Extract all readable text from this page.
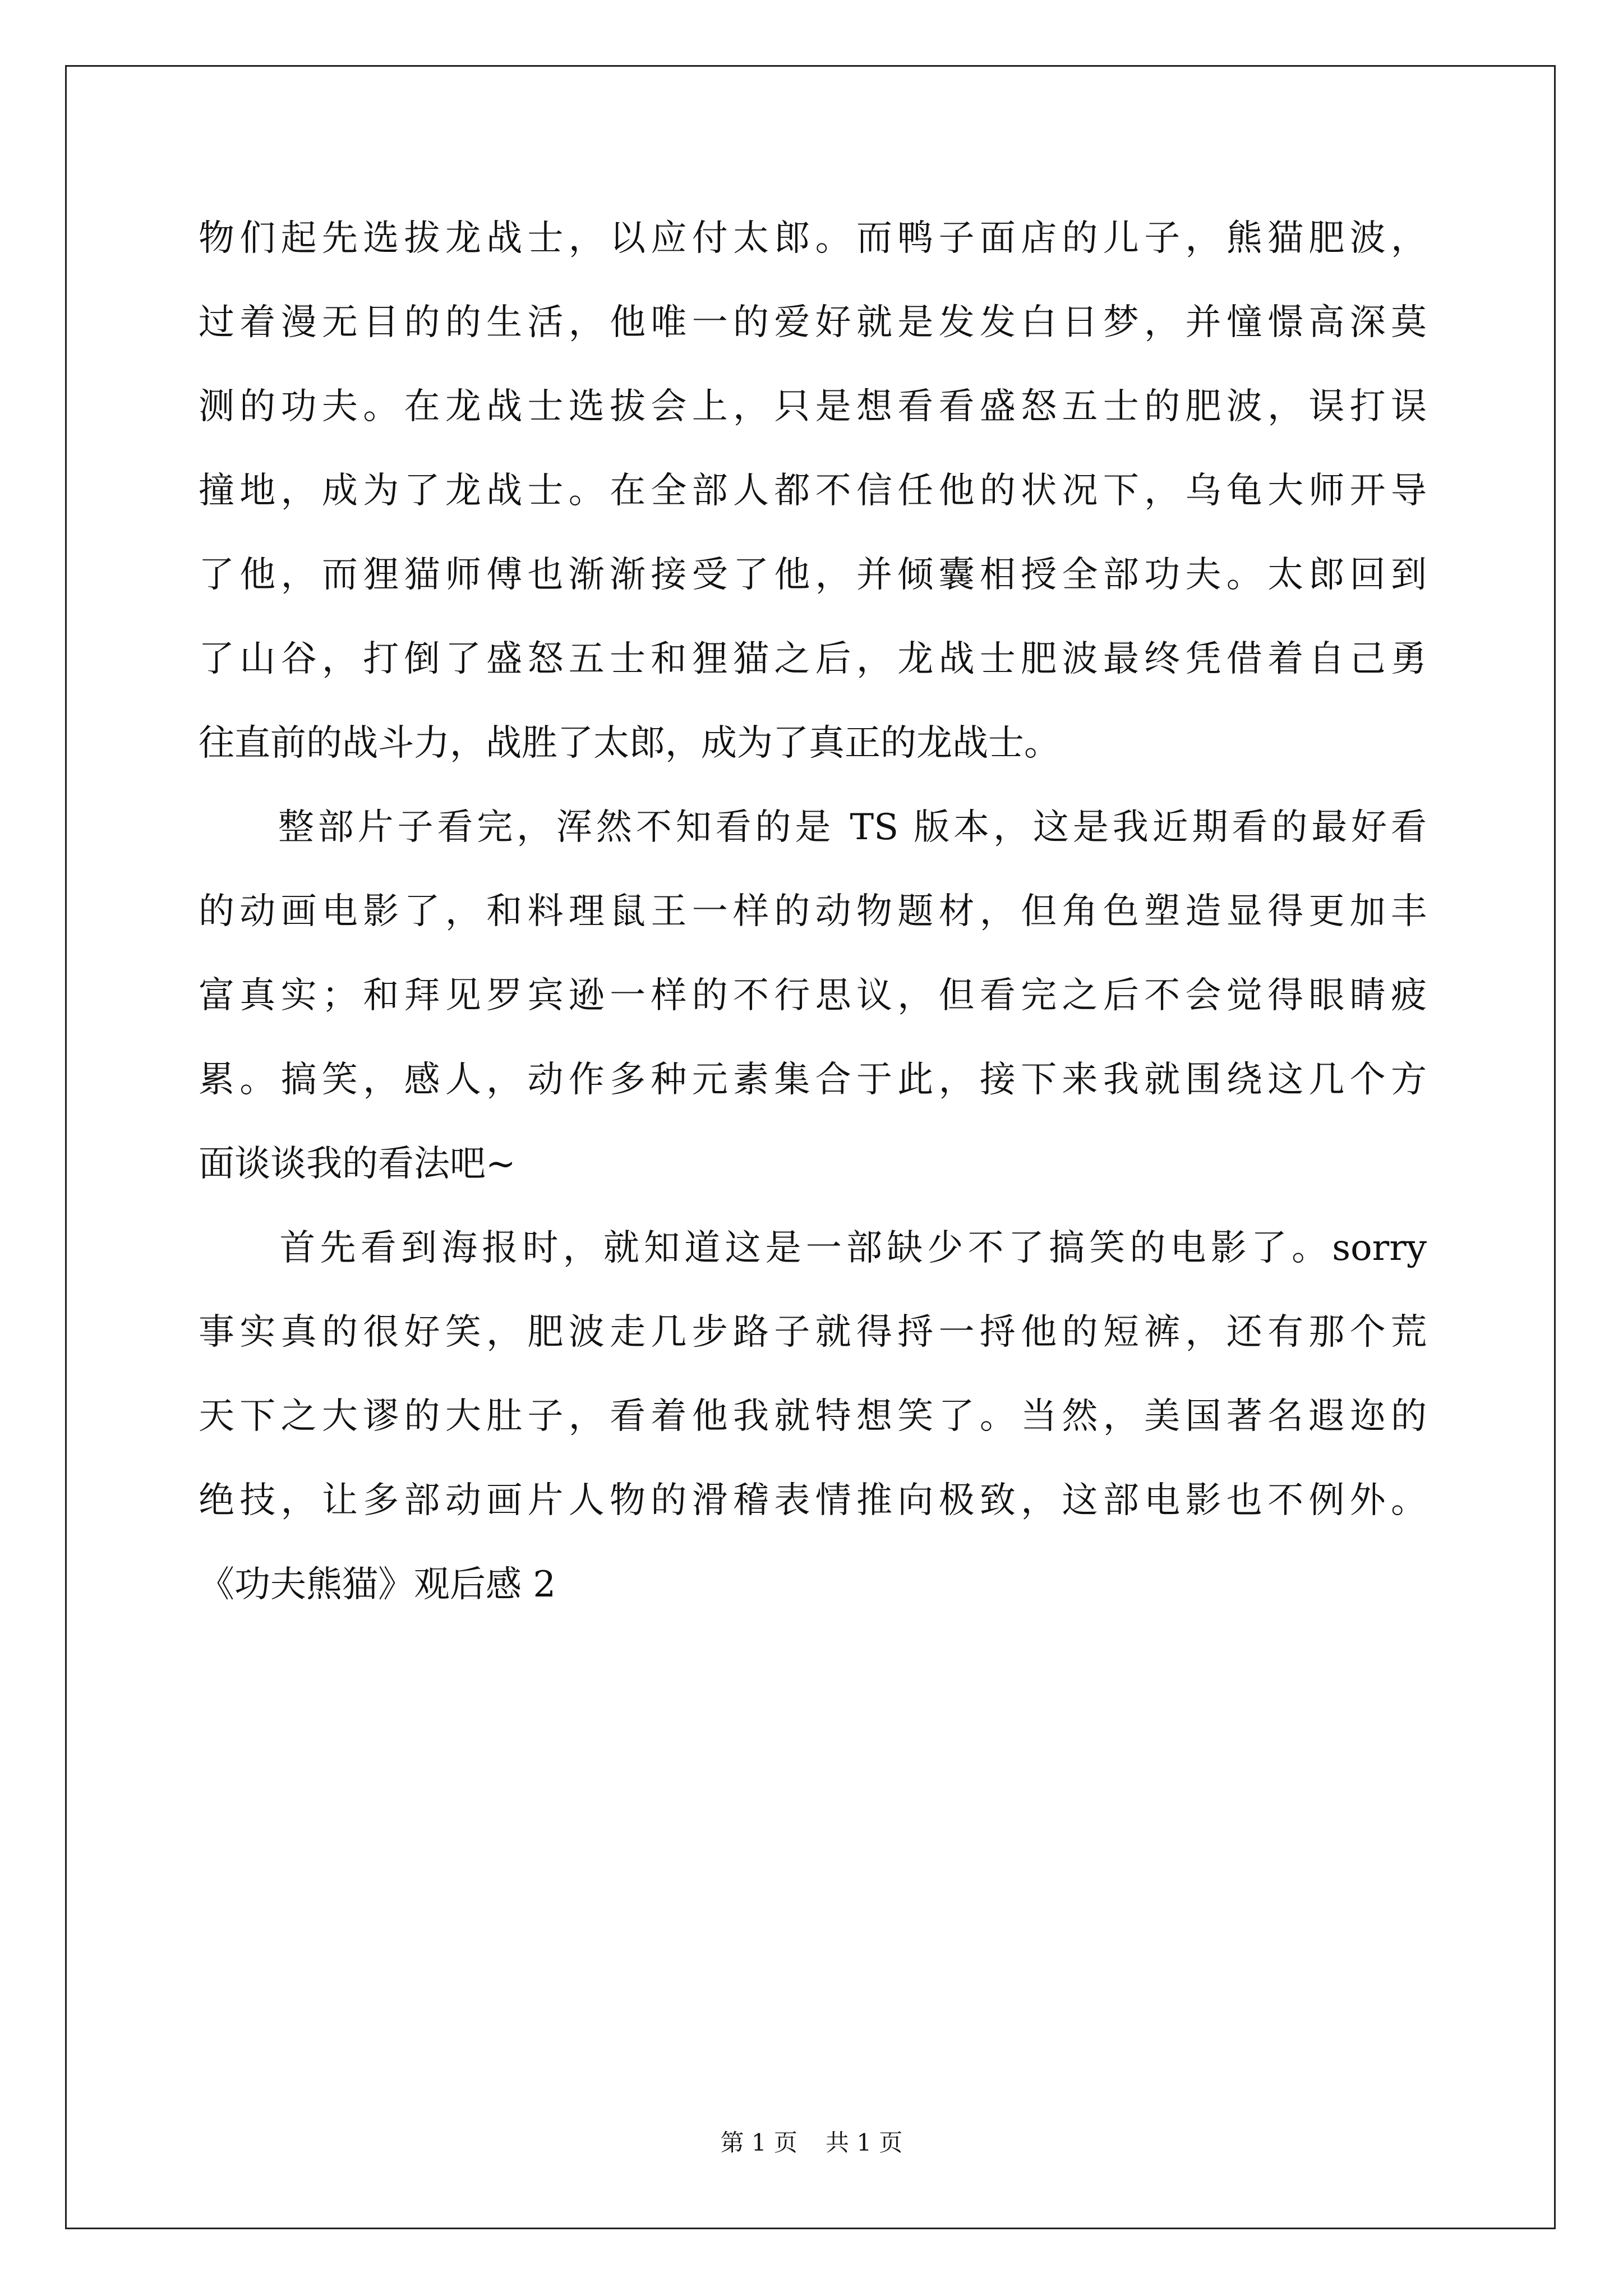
物们起先选拔龙战士，以应付太郎。而鸭子面店的儿子，熊猫肥波，
过着漫无目的的生活，他唯一的爱好就是发发白日梦，并憧憬高深莫
测的功夫。在龙战士选拔会上，只是想看看盛怒五士的肥波，误打误
撞地，成为了龙战士。在全部人都不信任他的状况下，乌龟大师开导
了他，而狸猫师傅也渐渐接受了他，并倾囊相授全部功夫。太郎回到
了山谷，打倒了盛怒五士和狸猫之后，龙战士肥波最终凭借着自己勇
往直前的战斗力，战胜了太郎，成为了真正的龙战士。
　　整部片子看完，浑然不知看的是 TS 版本，这是我近期看的最好看
的动画电影了，和料理鼠王一样的动物题材，但角色塑造显得更加丰
富真实；和拜见罗宾逊一样的不行思议，但看完之后不会觉得眼睛疲
累。搞笑，感人，动作多种元素集合于此，接下来我就围绕这几个方
面谈谈我的看法吧~
　　首先看到海报时，就知道这是一部缺少不了搞笑的电影了。sorry
事实真的很好笑，肥波走几步路子就得捋一捋他的短裤，还有那个荒
天下之大谬的大肚子，看着他我就特想笑了。当然，美国著名遐迩的
绝技，让多部动画片人物的滑稽表情推向极致，这部电影也不例外。
《功夫熊猫》观后感 2
第 1 页 共 1 页
